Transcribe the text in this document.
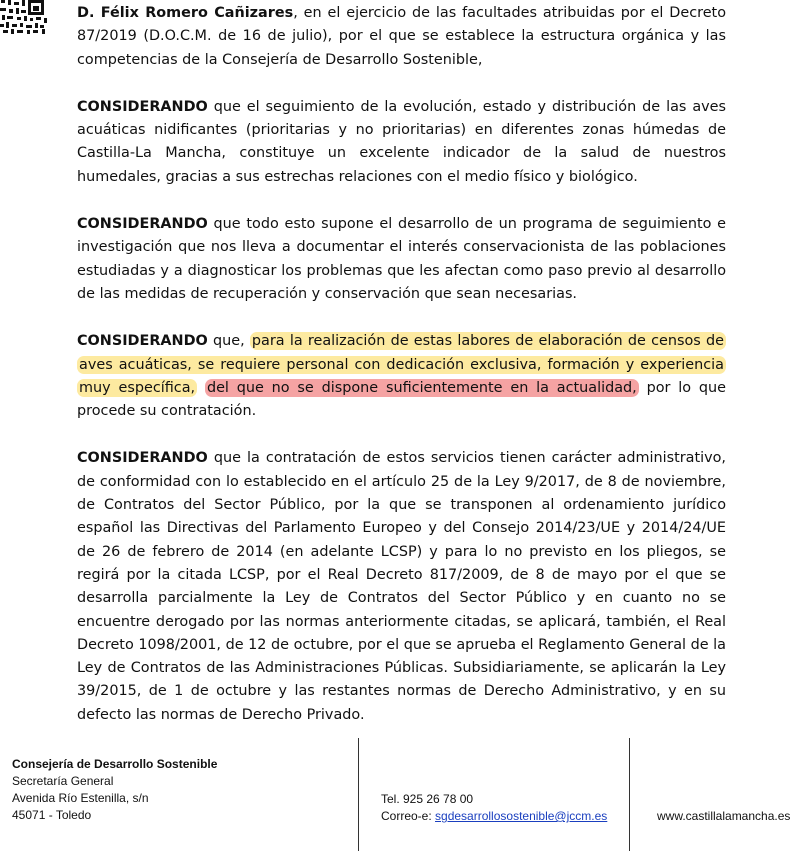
D. Félix Romero Cañizares, en el ejercicio de las facultades atribuidas por el Decreto 87/2019 (D.O.C.M. de 16 de julio), por el que se establece la estructura orgánica y las competencias de la Consejería de Desarrollo Sostenible,

CONSIDERANDO que el seguimiento de la evolución, estado y distribución de las aves acuáticas nidificantes (prioritarias y no prioritarias) en diferentes zonas húmedas de Castilla-La Mancha, constituye un excelente indicador de la salud de nuestros humedales, gracias a sus estrechas relaciones con el medio físico y biológico.

CONSIDERANDO que todo esto supone el desarrollo de un programa de seguimiento e investigación que nos lleva a documentar el interés conservacionista de las poblaciones estudiadas y a diagnosticar los problemas que les afectan como paso previo al desarrollo de las medidas de recuperación y conservación que sean necesarias.

CONSIDERANDO que, para la realización de estas labores de elaboración de censos de aves acuáticas, se requiere personal con dedicación exclusiva, formación y experiencia muy específica, del que no se dispone suficientemente en la actualidad, por lo que procede su contratación.

CONSIDERANDO que la contratación de estos servicios tienen carácter administrativo, de conformidad con lo establecido en el artículo 25 de la Ley 9/2017, de 8 de noviembre, de Contratos del Sector Público, por la que se transponen al ordenamiento jurídico español las Directivas del Parlamento Europeo y del Consejo 2014/23/UE y 2014/24/UE de 26 de febrero de 2014 (en adelante LCSP) y para lo no previsto en los pliegos, se regirá por la citada LCSP, por el Real Decreto 817/2009, de 8 de mayo por el que se desarrolla parcialmente la Ley de Contratos del Sector Público y en cuanto no se encuentre derogado por las normas anteriormente citadas, se aplicará, también, el Real Decreto 1098/2001, de 12 de octubre, por el que se aprueba el Reglamento General de la Ley de Contratos de las Administraciones Públicas. Subsidiariamente, se aplicarán la Ley 39/2015, de 1 de octubre y las restantes normas de Derecho Administrativo, y en su defecto las normas de Derecho Privado.

Consejería de Desarrollo Sostenible
Secretaría General
Avenida Río Estenilla, s/n
45071 - Toledo
Tel. 925 26 78 00
Correo-e: sgdesarrollosostenible@jccm.es	www.castillalamancha.es
